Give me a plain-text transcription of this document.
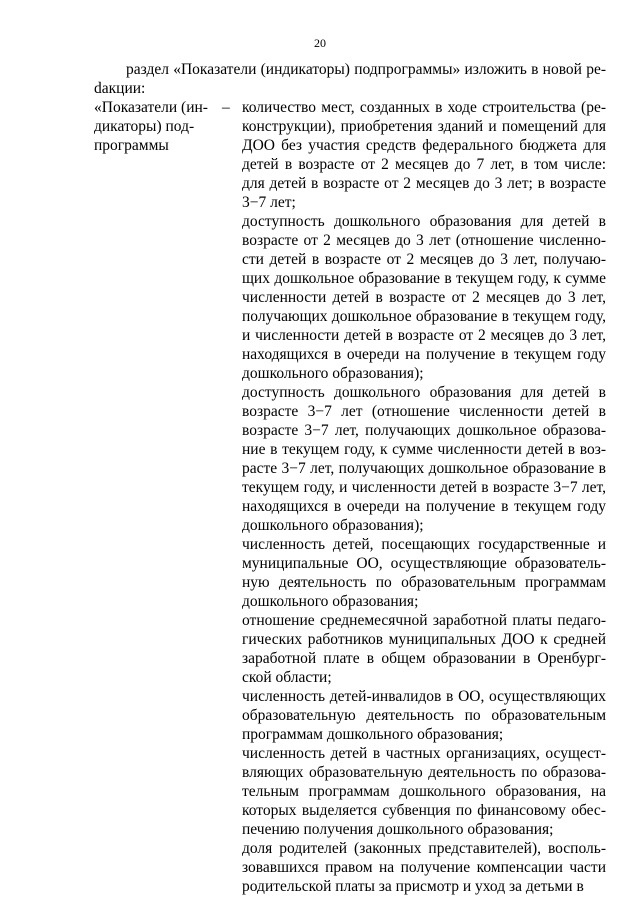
20

раздел «Показатели (индикаторы) подпрограммы» изложить в новой реdакции:

«Показатели (индикаторы) подпрограммы
– количество мест, созданных в ходе строительства (реконструкции), приобретения зданий и помещений для ДОО без участия средств федерального бюджета для детей в возрасте от 2 месяцев до 7 лет, в том числе: для детей в возрасте от 2 месяцев до 3 лет; в возрасте 3−7 лет;

доступность дошкольного образования для детей в возрасте от 2 месяцев до 3 лет (отношение численности детей в возрасте от 2 месяцев до 3 лет, получающих дошкольное образование в текущем году, к сумме численности детей в возрасте от 2 месяцев до 3 лет, получающих дошкольное образование в текущем году, и численности детей в возрасте от 2 месяцев до 3 лет, находящихся в очереди на получение в текущем году дошкольного образования);

доступность дошкольного образования для детей в возрасте 3−7 лет (отношение численности детей в возрасте 3−7 лет, получающих дошкольное образование в текущем году, к сумме численности детей в возрасте 3−7 лет, получающих дошкольное образование в текущем году, и численности детей в возрасте 3−7 лет, находящихся в очереди на получение в текущем году дошкольного образования);

численность детей, посещающих государственные и муниципальные ОО, осуществляющие образовательную деятельность по образовательным программам дошкольного образования;

отношение среднемесячной заработной платы педагогических работников муниципальных ДОО к средней заработной плате в общем образовании в Оренбургской области;

численность детей-инвалидов в ОО, осуществляющих образовательную деятельность по образовательным программам дошкольного образования;

численность детей в частных организациях, осуществляющих образовательную деятельность по образовательным программам дошкольного образования, на которых выделяется субвенция по финансовому обеспечению получения дошкольного образования;

доля родителей (законных представителей), воспользовавшихся правом на получение компенсации части родительской платы за присмотр и уход за детьми в
